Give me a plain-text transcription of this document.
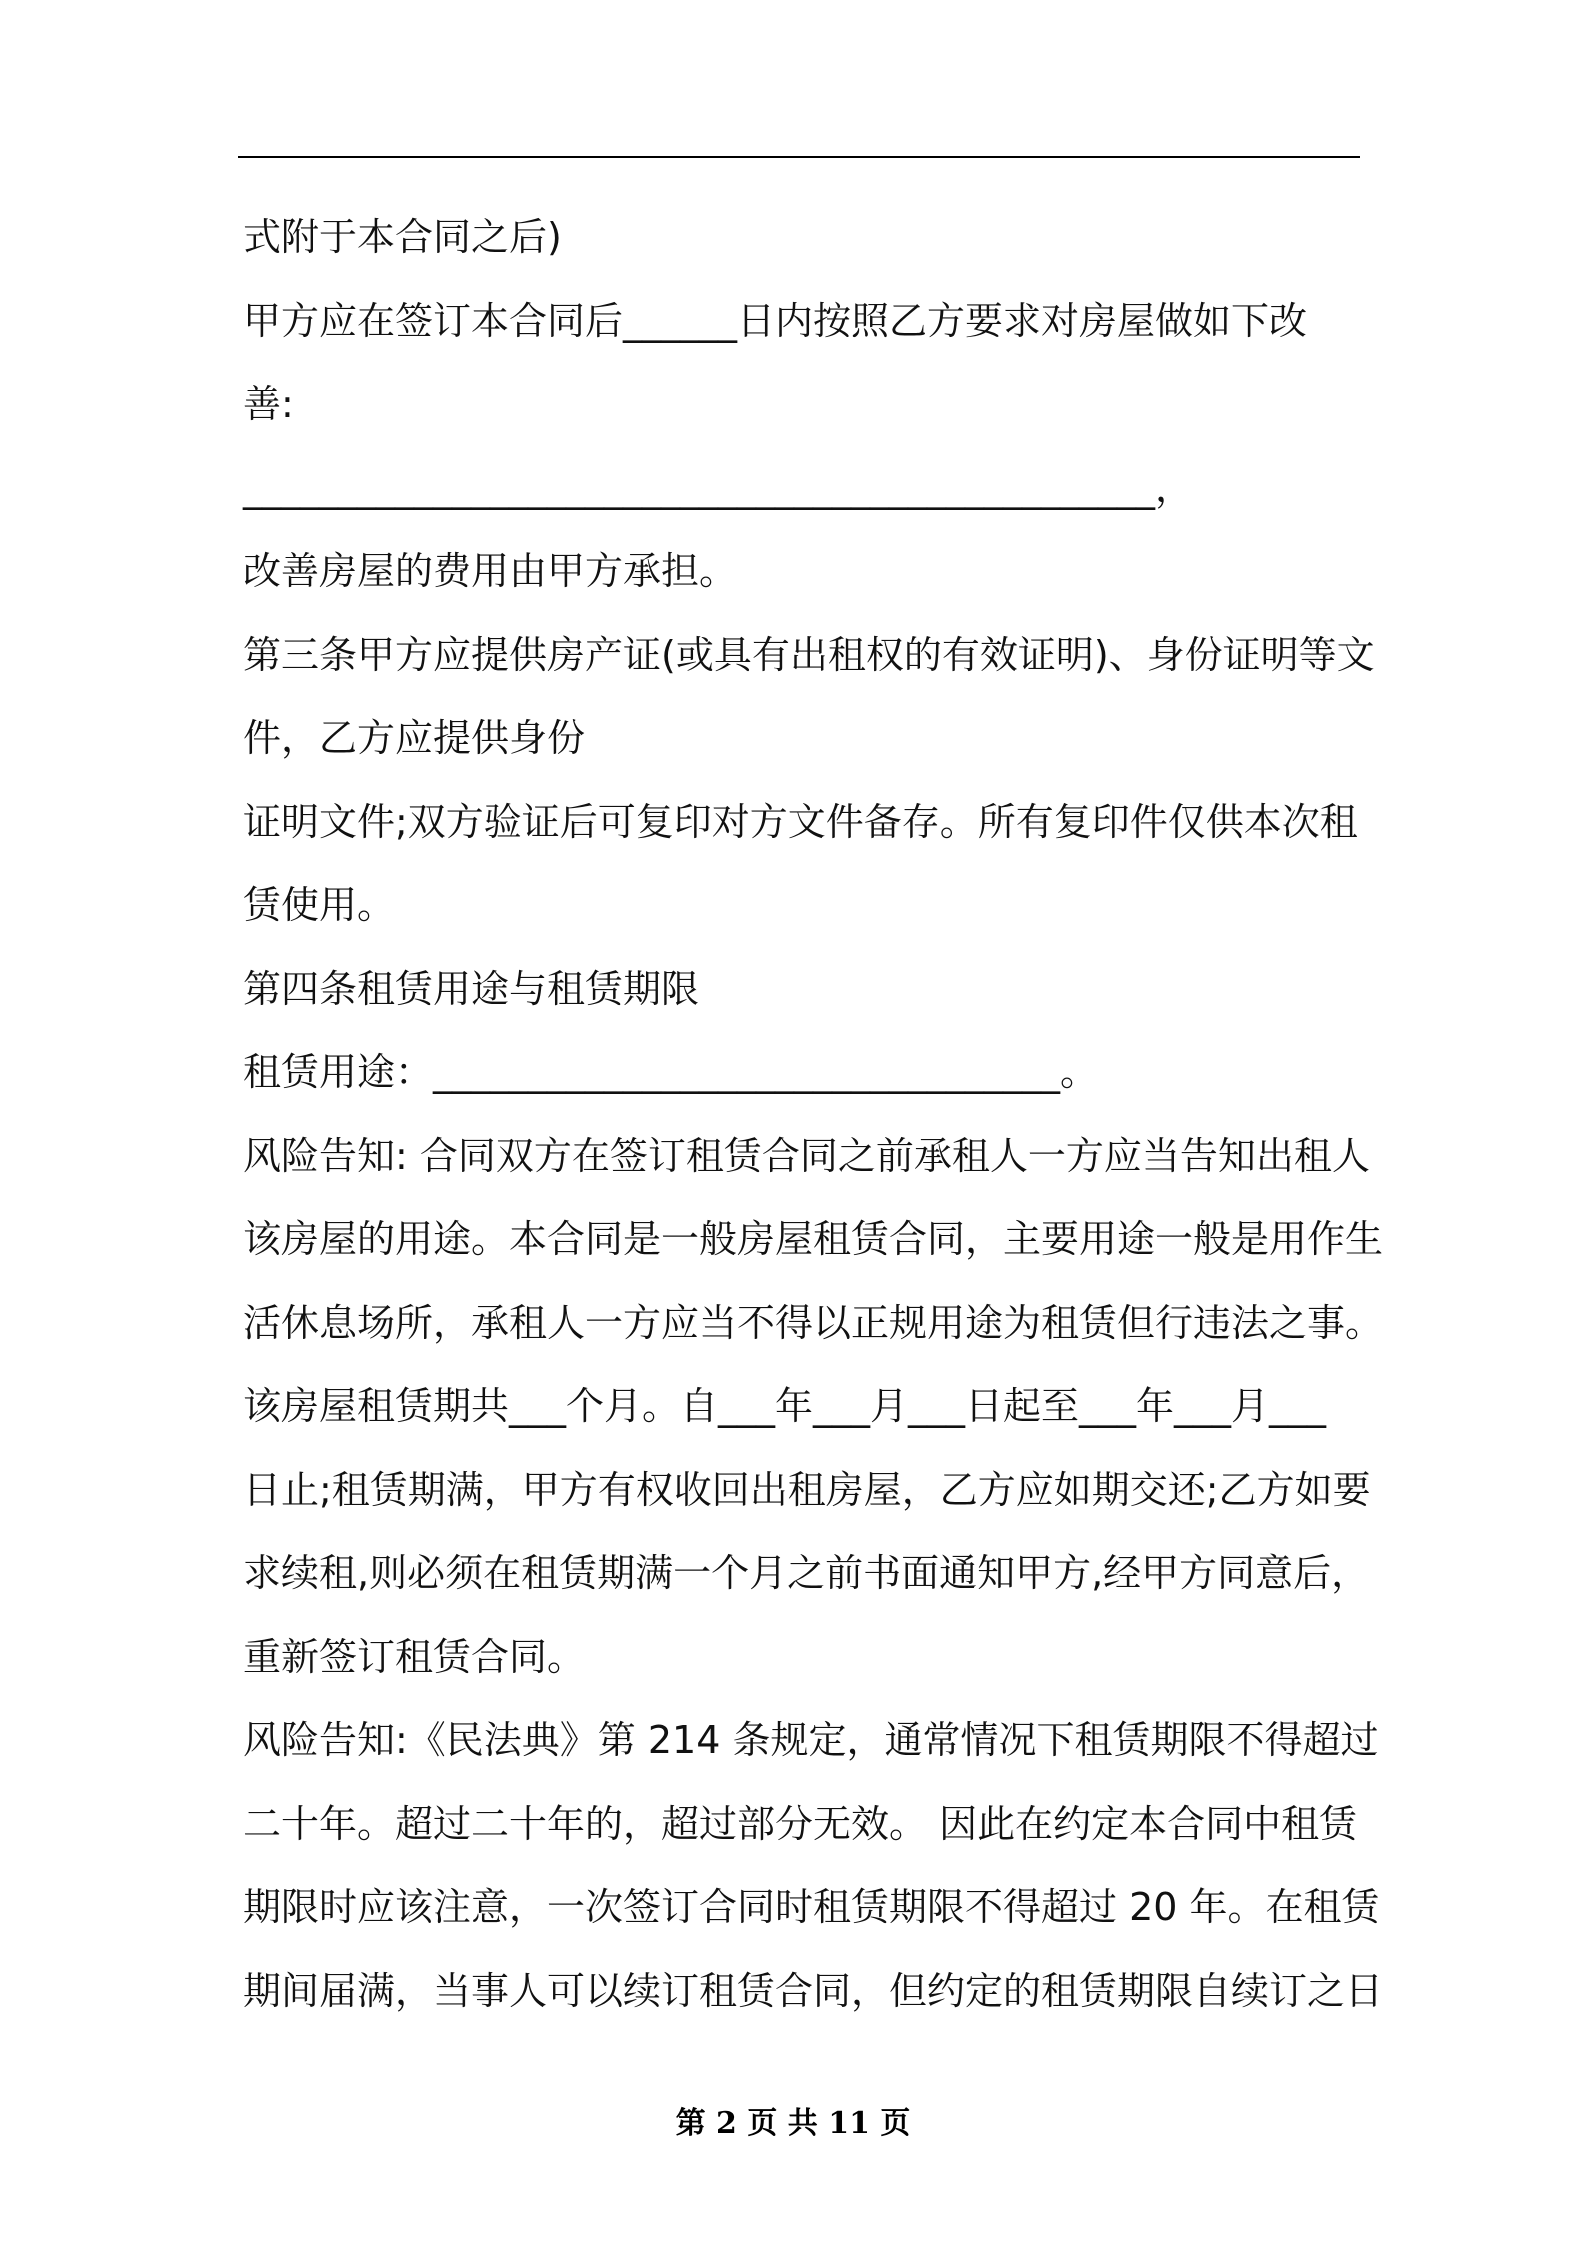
式附于本合同之后)
甲方应在签订本合同后______日内按照乙方要求对房屋做如下改
善:
________________________________________________，
改善房屋的费用由甲方承担。
第三条甲方应提供房产证(或具有出租权的有效证明)、身份证明等文
件，乙方应提供身份
证明文件;双方验证后可复印对方文件备存。所有复印件仅供本次租
赁使用。
第四条租赁用途与租赁期限
租赁用途：_________________________________。
风险告知: 合同双方在签订租赁合同之前承租人一方应当告知出租人
该房屋的用途。本合同是一般房屋租赁合同，主要用途一般是用作生
活休息场所，承租人一方应当不得以正规用途为租赁但行违法之事。
该房屋租赁期共___个月。自___年___月___日起至___年___月___
日止;租赁期满，甲方有权收回出租房屋，乙方应如期交还;乙方如要
求续租,则必须在租赁期满一个月之前书面通知甲方,经甲方同意后，
重新签订租赁合同。
风险告知:《民法典》第 214 条规定，通常情况下租赁期限不得超过
二十年。超过二十年的，超过部分无效。 因此在约定本合同中租赁
期限时应该注意，一次签订合同时租赁期限不得超过 20 年。在租赁
期间届满，当事人可以续订租赁合同，但约定的租赁期限自续订之日
第 2 页 共 11 页
